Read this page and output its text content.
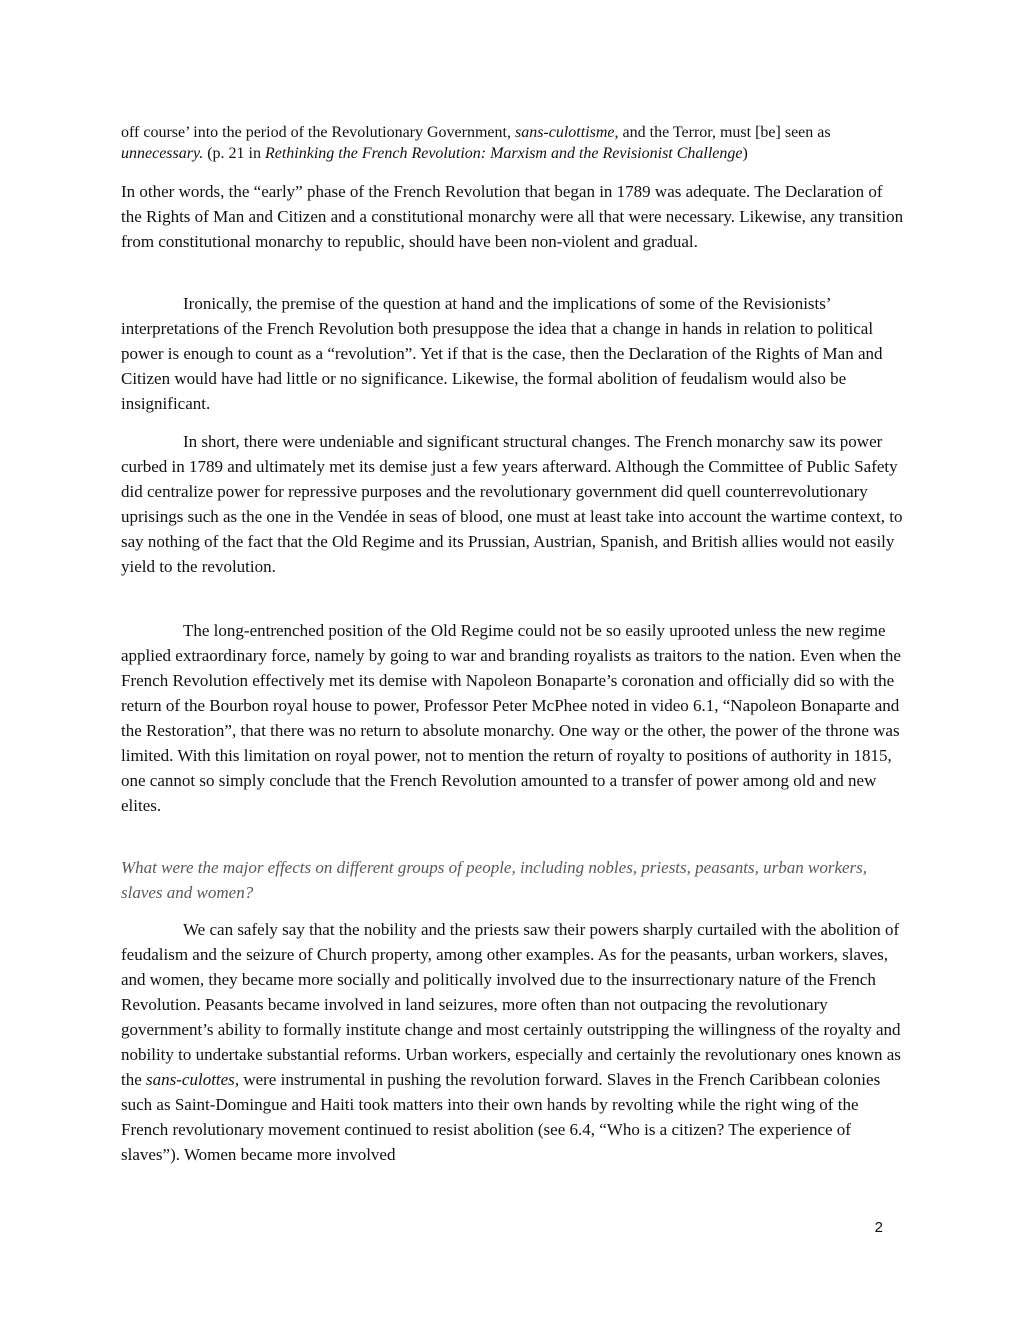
off course’ into the period of the Revolutionary Government, sans-culottisme, and the Terror, must [be] seen as unnecessary. (p. 21 in Rethinking the French Revolution: Marxism and the Revisionist Challenge)

In other words, the “early” phase of the French Revolution that began in 1789 was adequate. The Declaration of the Rights of Man and Citizen and a constitutional monarchy were all that were necessary. Likewise, any transition from constitutional monarchy to republic, should have been non-violent and gradual.

Ironically, the premise of the question at hand and the implications of some of the Revisionists’ interpretations of the French Revolution both presuppose the idea that a change in hands in relation to political power is enough to count as a “revolution”. Yet if that is the case, then the Declaration of the Rights of Man and Citizen would have had little or no significance. Likewise, the formal abolition of feudalism would also be insignificant.

In short, there were undeniable and significant structural changes. The French monarchy saw its power curbed in 1789 and ultimately met its demise just a few years afterward. Although the Committee of Public Safety did centralize power for repressive purposes and the revolutionary government did quell counterrevolutionary uprisings such as the one in the Vendée in seas of blood, one must at least take into account the wartime context, to say nothing of the fact that the Old Regime and its Prussian, Austrian, Spanish, and British allies would not easily yield to the revolution.

The long-entrenched position of the Old Regime could not be so easily uprooted unless the new regime applied extraordinary force, namely by going to war and branding royalists as traitors to the nation. Even when the French Revolution effectively met its demise with Napoleon Bonaparte’s coronation and officially did so with the return of the Bourbon royal house to power, Professor Peter McPhee noted in video 6.1, “Napoleon Bonaparte and the Restoration”, that there was no return to absolute monarchy. One way or the other, the power of the throne was limited. With this limitation on royal power, not to mention the return of royalty to positions of authority in 1815, one cannot so simply conclude that the French Revolution amounted to a transfer of power among old and new elites.

What were the major effects on different groups of people, including nobles, priests, peasants, urban workers, slaves and women?

We can safely say that the nobility and the priests saw their powers sharply curtailed with the abolition of feudalism and the seizure of Church property, among other examples. As for the peasants, urban workers, slaves, and women, they became more socially and politically involved due to the insurrectionary nature of the French Revolution. Peasants became involved in land seizures, more often than not outpacing the revolutionary government’s ability to formally institute change and most certainly outstripping the willingness of the royalty and nobility to undertake substantial reforms. Urban workers, especially and certainly the revolutionary ones known as the sans-culottes, were instrumental in pushing the revolution forward. Slaves in the French Caribbean colonies such as Saint-Domingue and Haiti took matters into their own hands by revolting while the right wing of the French revolutionary movement continued to resist abolition (see 6.4, “Who is a citizen? The experience of slaves”). Women became more involved

2
